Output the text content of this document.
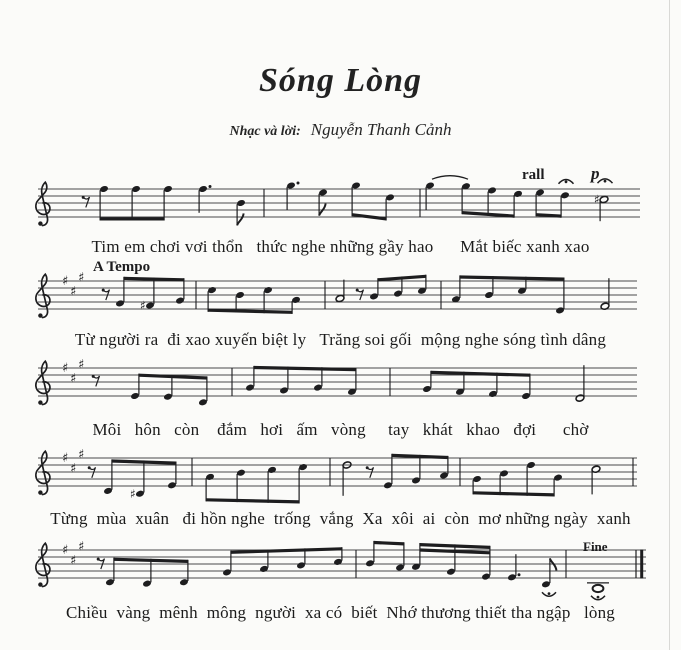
♯
♯
♯
♯
♯
♯
♯
♯
♯
♯
♯
♯
♯
♯
♯
Sóng Lòng
Nhạc và lời: Nguyễn Thanh Cảnh
rall	p
A Tempo
Fine
Tim em chơi vơi thổn   thức nghe những gầy hao      Mắt biếc xanh xao
Từ người ra  đi xao xuyến biệt ly   Trăng soi gối  mộng nghe sóng tình dâng
Môi   hôn   còn    đắm   hơi   ấm   vòng     tay   khát   khao   đợi      chờ
Từng  mùa  xuân   đi hồn nghe  trống  vắng  Xa  xôi  ai  còn  mơ những ngày  xanh
Chiều  vàng  mênh  mông  người  xa có  biết  Nhớ thương thiết tha ngập   lòng
